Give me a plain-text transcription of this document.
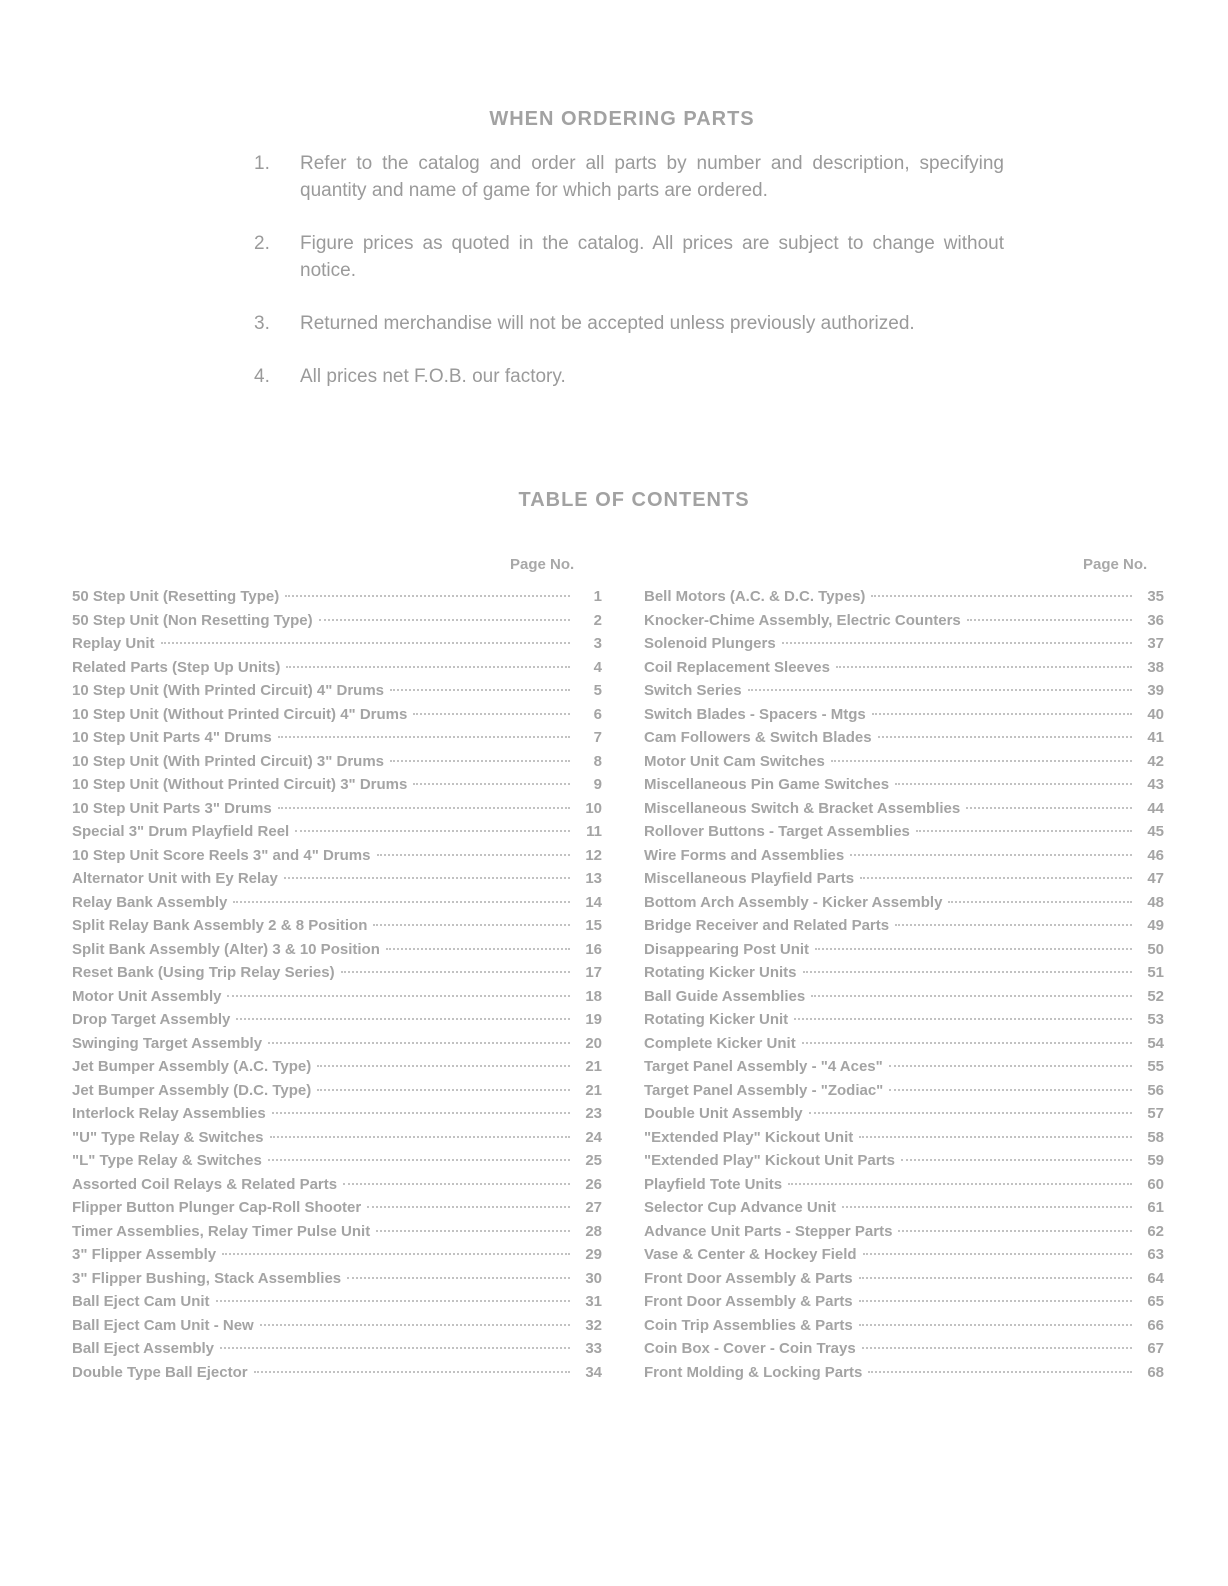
WHEN ORDERING PARTS
1.	Refer to the catalog and order all parts by number and description, specifying quantity and name of game for which parts are ordered.
2.	Figure prices as quoted in the catalog. All prices are subject to change without notice.
3.	Returned merchandise will not be accepted unless previously authorized.
4.	All prices net F.O.B. our factory.
TABLE OF CONTENTS
Page No.	Page No.
50 Step Unit (Resetting Type)	1
50 Step Unit (Non Resetting Type)	2
Replay Unit	3
Related Parts (Step Up Units)	4
10 Step Unit (With Printed Circuit) 4" Drums	5
10 Step Unit (Without Printed Circuit) 4" Drums	6
10 Step Unit Parts 4" Drums	7
10 Step Unit (With Printed Circuit) 3" Drums	8
10 Step Unit (Without Printed Circuit) 3" Drums	9
10 Step Unit Parts 3" Drums	10
Special 3" Drum Playfield Reel	11
10 Step Unit Score Reels 3" and 4" Drums	12
Alternator Unit with Ey Relay	13
Relay Bank Assembly	14
Split Relay Bank Assembly 2 & 8 Position	15
Split Bank Assembly (Alter) 3 & 10 Position	16
Reset Bank (Using Trip Relay Series)	17
Motor Unit Assembly	18
Drop Target Assembly	19
Swinging Target Assembly	20
Jet Bumper Assembly (A.C. Type)	21
Jet Bumper Assembly (D.C. Type)	21
Interlock Relay Assemblies	23
"U" Type Relay & Switches	24
"L" Type Relay & Switches	25
Assorted Coil Relays & Related Parts	26
Flipper Button Plunger Cap-Roll Shooter	27
Timer Assemblies, Relay Timer Pulse Unit	28
3" Flipper Assembly	29
3" Flipper Bushing, Stack Assemblies	30
Ball Eject Cam Unit	31
Ball Eject Cam Unit - New	32
Ball Eject Assembly	33
Double Type Ball Ejector	34
Bell Motors (A.C. & D.C. Types)	35
Knocker-Chime Assembly, Electric Counters	36
Solenoid Plungers	37
Coil Replacement Sleeves	38
Switch Series	39
Switch Blades - Spacers - Mtgs	40
Cam Followers & Switch Blades	41
Motor Unit Cam Switches	42
Miscellaneous Pin Game Switches	43
Miscellaneous Switch & Bracket Assemblies	44
Rollover Buttons - Target Assemblies	45
Wire Forms and Assemblies	46
Miscellaneous Playfield Parts	47
Bottom Arch Assembly - Kicker Assembly	48
Bridge Receiver and Related Parts	49
Disappearing Post Unit	50
Rotating Kicker Units	51
Ball Guide Assemblies	52
Rotating Kicker Unit	53
Complete Kicker Unit	54
Target Panel Assembly - "4 Aces"	55
Target Panel Assembly - "Zodiac"	56
Double Unit Assembly	57
"Extended Play" Kickout Unit	58
"Extended Play" Kickout Unit Parts	59
Playfield Tote Units	60
Selector Cup Advance Unit	61
Advance Unit Parts - Stepper Parts	62
Vase & Center & Hockey Field	63
Front Door Assembly & Parts	64
Front Door Assembly & Parts	65
Coin Trip Assemblies & Parts	66
Coin Box - Cover - Coin Trays	67
Front Molding & Locking Parts	68
